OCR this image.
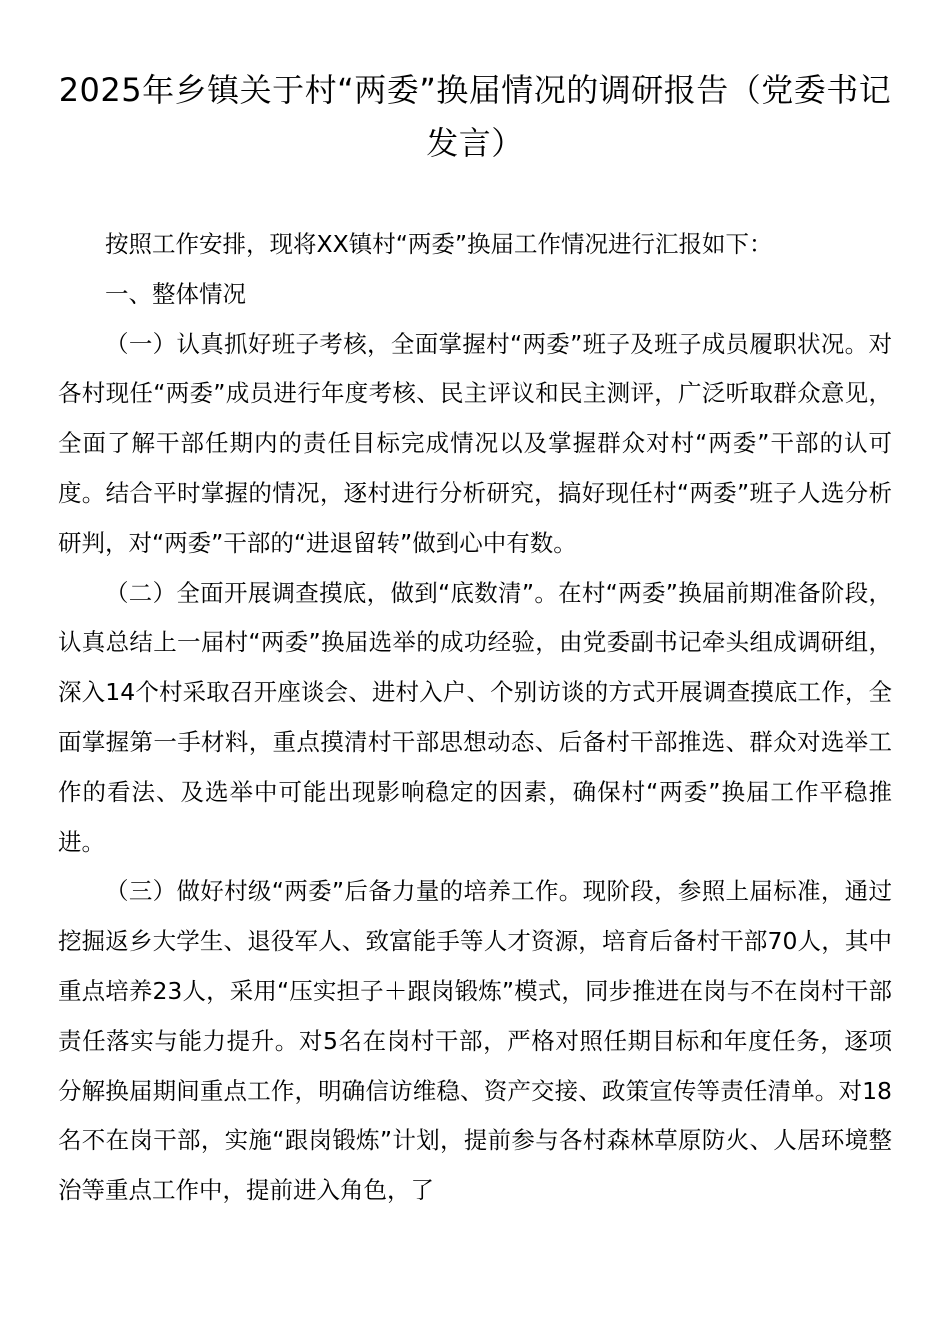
2025年乡镇关于村“两委”换届情况的调研报告（党委书记发言）

按照工作安排，现将XX镇村“两委”换届工作情况进行汇报如下：

一、整体情况

（一）认真抓好班子考核，全面掌握村“两委”班子及班子成员履职状况。对各村现任“两委”成员进行年度考核、民主评议和民主测评，广泛听取群众意见，全面了解干部任期内的责任目标完成情况以及掌握群众对村“两委”干部的认可度。结合平时掌握的情况，逐村进行分析研究，搞好现任村“两委”班子人选分析研判，对“两委”干部的“进退留转”做到心中有数。

（二）全面开展调查摸底，做到“底数清”。在村“两委”换届前期准备阶段，认真总结上一届村“两委”换届选举的成功经验，由党委副书记牵头组成调研组，深入14个村采取召开座谈会、进村入户、个别访谈的方式开展调查摸底工作，全面掌握第一手材料，重点摸清村干部思想动态、后备村干部推选、群众对选举工作的看法、及选举中可能出现影响稳定的因素，确保村“两委”换届工作平稳推进。

（三）做好村级“两委”后备力量的培养工作。现阶段，参照上届标准，通过挖掘返乡大学生、退役军人、致富能手等人才资源，培育后备村干部70人，其中重点培养23人，采用“压实担子＋跟岗锻炼”模式，同步推进在岗与不在岗村干部责任落实与能力提升。对5名在岗村干部，严格对照任期目标和年度任务，逐项分解换届期间重点工作，明确信访维稳、资产交接、政策宣传等责任清单。对18名不在岗干部，实施“跟岗锻炼”计划，提前参与各村森林草原防火、人居环境整治等重点工作中，提前进入角色，了
